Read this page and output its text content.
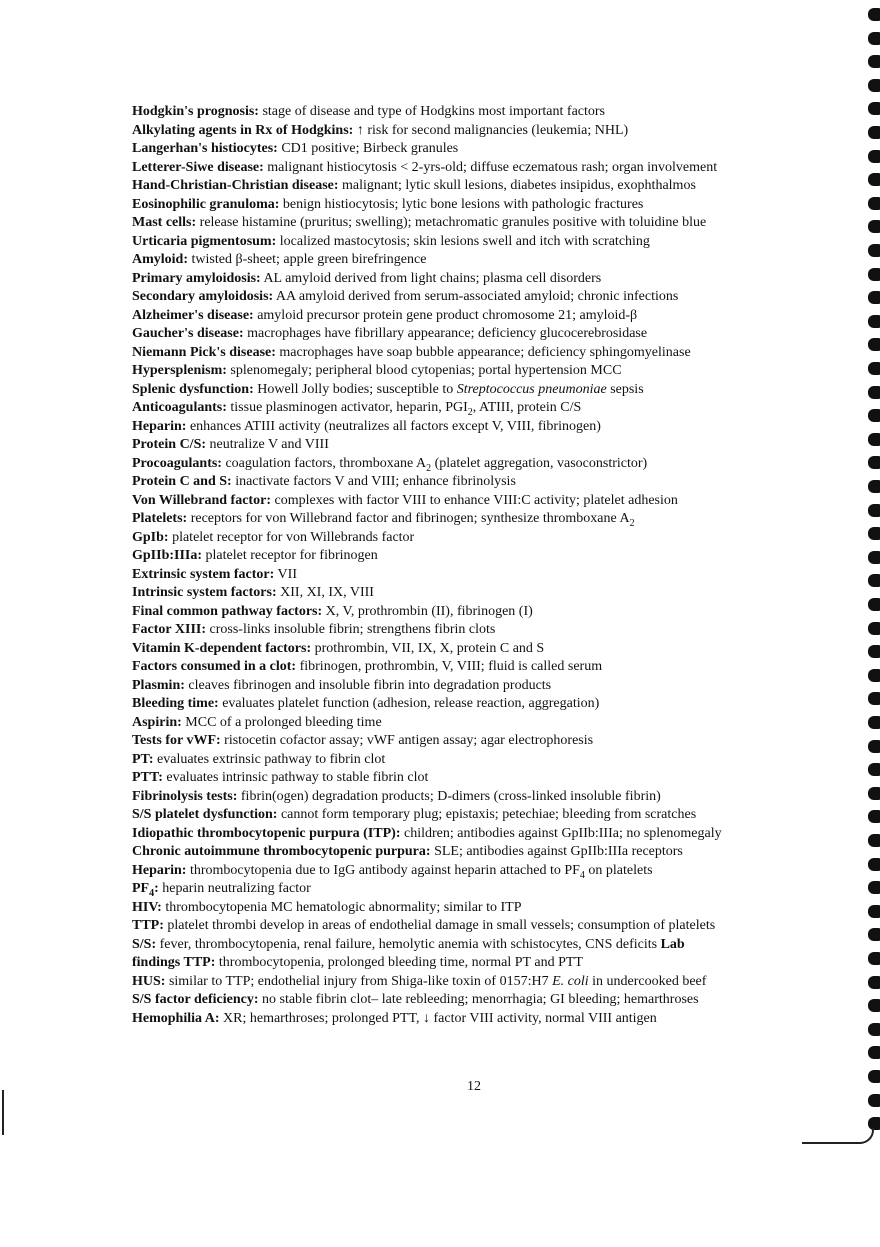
Hodgkin's prognosis: stage of disease and type of Hodgkins most important factors
Alkylating agents in Rx of Hodgkins: ↑ risk for second malignancies (leukemia; NHL)
Langerhan's histiocytes: CD1 positive; Birbeck granules
Letterer-Siwe disease: malignant histiocytosis < 2-yrs-old; diffuse eczematous rash; organ involvement
Hand-Christian-Christian disease: malignant; lytic skull lesions, diabetes insipidus, exophthalmos
Eosinophilic granuloma: benign histiocytosis; lytic bone lesions with pathologic fractures
Mast cells: release histamine (pruritus; swelling); metachromatic granules positive with toluidine blue
Urticaria pigmentosum: localized mastocytosis; skin lesions swell and itch with scratching
Amyloid: twisted β-sheet; apple green birefringence
Primary amyloidosis: AL amyloid derived from light chains; plasma cell disorders
Secondary amyloidosis: AA amyloid derived from serum-associated amyloid; chronic infections
Alzheimer's disease: amyloid precursor protein gene product chromosome 21; amyloid-β
Gaucher's disease: macrophages have fibrillary appearance; deficiency glucocerebrosidase
Niemann Pick's disease: macrophages have soap bubble appearance; deficiency sphingomyelinase
Hypersplenism: splenomegaly; peripheral blood cytopenias; portal hypertension MCC
Splenic dysfunction: Howell Jolly bodies; susceptible to Streptococcus pneumoniae sepsis
Anticoagulants: tissue plasminogen activator, heparin, $PGI_2$, ATIII, protein C/S
Heparin: enhances ATIII activity (neutralizes all factors except V, VIII, fibrinogen)
Protein C/S: neutralize V and VIII
Procoagulants: coagulation factors, thromboxane $A_2$ (platelet aggregation, vasoconstrictor)
Protein C and S: inactivate factors V and VIII; enhance fibrinolysis
Von Willebrand factor: complexes with factor VIII to enhance VIII:C activity; platelet adhesion
Platelets: receptors for von Willebrand factor and fibrinogen; synthesize thromboxane $A_2$
GpIb: platelet receptor for von Willebrands factor
GpIIb:IIIa: platelet receptor for fibrinogen
Extrinsic system factor: VII
Intrinsic system factors: XII, XI, IX, VIII
Final common pathway factors: X, V, prothrombin (II), fibrinogen (I)
Factor XIII: cross-links insoluble fibrin; strengthens fibrin clots
Vitamin K-dependent factors: prothrombin, VII, IX, X, protein C and S
Factors consumed in a clot: fibrinogen, prothrombin, V, VIII; fluid is called serum
Plasmin: cleaves fibrinogen and insoluble fibrin into degradation products
Bleeding time: evaluates platelet function (adhesion, release reaction, aggregation)
Aspirin: MCC of a prolonged bleeding time
Tests for vWF: ristocetin cofactor assay; vWF antigen assay; agar electrophoresis
PT: evaluates extrinsic pathway to fibrin clot
PTT: evaluates intrinsic pathway to stable fibrin clot
Fibrinolysis tests: fibrin(ogen) degradation products; D-dimers (cross-linked insoluble fibrin)
S/S platelet dysfunction: cannot form temporary plug; epistaxis; petechiae; bleeding from scratches
Idiopathic thrombocytopenic purpura (ITP): children; antibodies against GpIIb:IIIa; no splenomegaly
Chronic autoimmune thrombocytopenic purpura: SLE; antibodies against GpIIb:IIIa receptors
Heparin: thrombocytopenia due to IgG antibody against heparin attached to $PF_4$ on platelets
$PF_4$: heparin neutralizing factor
HIV: thrombocytopenia MC hematologic abnormality; similar to ITP
TTP: platelet thrombi develop in areas of endothelial damage in small vessels; consumption of platelets
S/S: fever, thrombocytopenia, renal failure, hemolytic anemia with schistocytes, CNS deficits Lab
findings TTP: thrombocytopenia, prolonged bleeding time, normal PT and PTT
HUS: similar to TTP; endothelial injury from Shiga-like toxin of 0157:H7 E. coli in undercooked beef
S/S factor deficiency: no stable fibrin clot– late rebleeding; menorrhagia; GI bleeding; hemarthroses
Hemophilia A: XR; hemarthroses; prolonged PTT, ↓ factor VIII activity, normal VIII antigen
12
